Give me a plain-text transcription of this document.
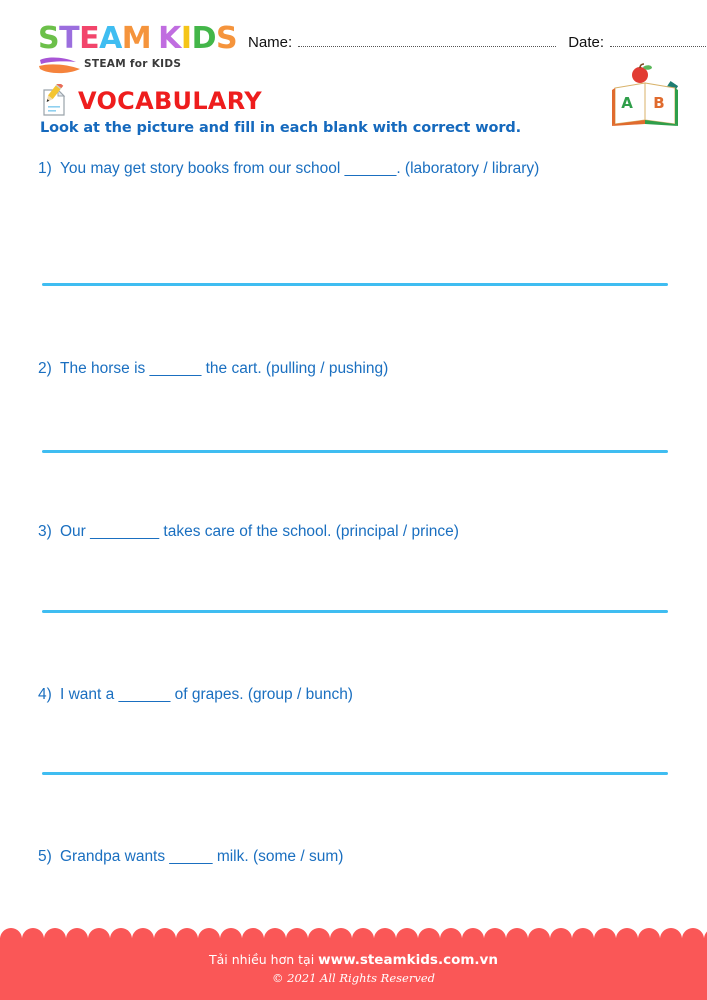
STEAM KIDS
STEAM for KIDS
Name:	Date:
VOCABULARY
Look at the picture and fill in each blank with correct word.
A B
1) You may get story books from our school ______. (laboratory / library)
2) The horse is ______ the cart. (pulling / pushing)
3) Our ________ takes care of the school. (principal / prince)
4) I want a ______ of grapes. (group / bunch)
5) Grandpa wants _____ milk. (some / sum)
Tải nhiều hơn tại www.steamkids.com.vn
© 2021 All Rights Reserved
